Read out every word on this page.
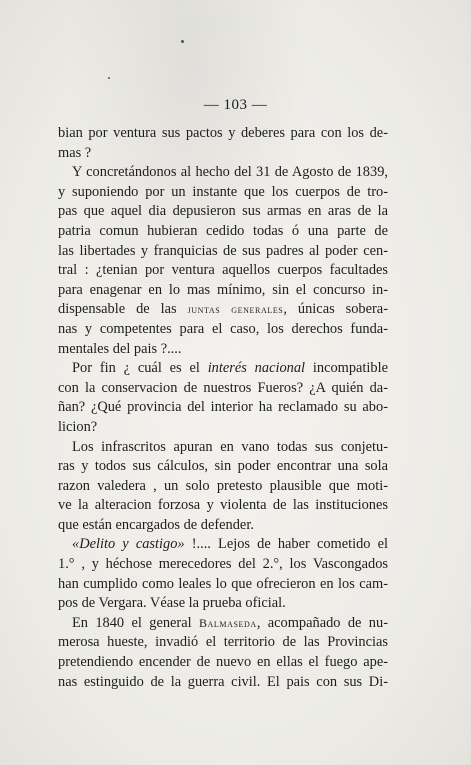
— 103 —
bian por ventura sus pactos y deberes para con los de-
mas ?
Y concretándonos al hecho del 31 de Agosto de 1839,
y suponiendo por un instante que los cuerpos de tro-
pas que aquel dia depusieron sus armas en aras de la
patria comun hubieran cedido todas ó una parte de
las libertades y franquicias de sus padres al poder cen-
tral : ¿tenian por ventura aquellos cuerpos facultades
para enagenar en lo mas mínimo, sin el concurso in-
dispensable de las juntas generales, únicas sobera-
nas y competentes para el caso, los derechos funda-
mentales del pais ?....
Por fin ¿ cuál es el interés nacional incompatible
con la conservacion de nuestros Fueros? ¿A quién da-
ñan? ¿Qué provincia del interior ha reclamado su abo-
licion?
Los infrascritos apuran en vano todas sus conjetu-
ras y todos sus cálculos, sin poder encontrar una sola
razon valedera , un solo pretesto plausible que moti-
ve la alteracion forzosa y violenta de las instituciones
que están encargados de defender.
«Delito y castigo» !.... Lejos de haber cometido el
1.° , y héchose merecedores del 2.°, los Vascongados
han cumplido como leales lo que ofrecieron en los cam-
pos de Vergara. Véase la prueba oficial.
En 1840 el general Balmaseda, acompañado de nu-
merosa hueste, invadió el territorio de las Provincias
pretendiendo encender de nuevo en ellas el fuego ape-
nas estinguido de la guerra civil. El pais con sus Di-
